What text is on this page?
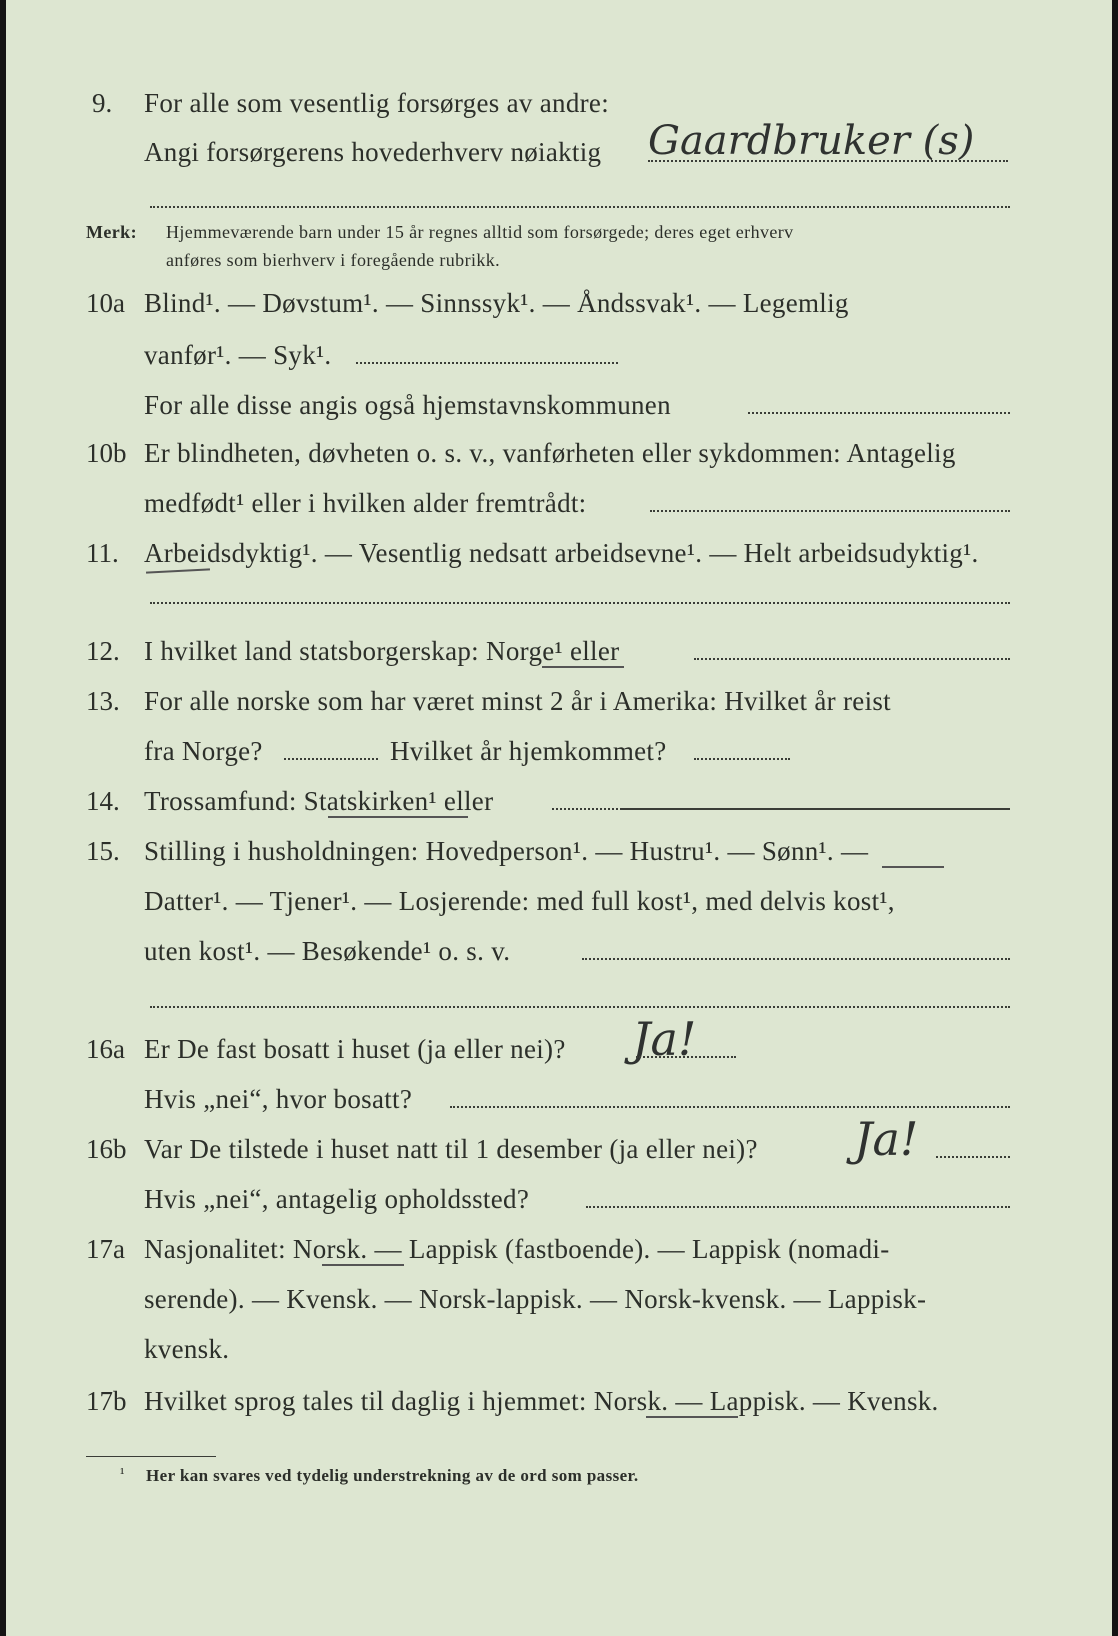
9. For alle som vesentlig forsørges av andre:
Angi forsørgerens hovederhverv nøiaktig Gaardbruker (s)
Merk: Hjemmeværende barn under 15 år regnes alltid som forsørgede; deres eget erhverv
anføres som bierhverv i foregående rubrikk.
10a Blind¹. — Døvstum¹. — Sinnssyk¹. — Åndssvak¹. — Legemlig
vanfør¹. — Syk¹.
For alle disse angis også hjemstavnskommunen
10b Er blindheten, døvheten o. s. v., vanførheten eller sykdommen: Antagelig
medfødt¹ eller i hvilken alder fremtrådt:
11. Arbeidsdyktig¹. — Vesentlig nedsatt arbeidsevne¹. — Helt arbeidsudyktig¹.
12. I hvilket land statsborgerskap: Norge¹ eller
13. For alle norske som har været minst 2 år i Amerika: Hvilket år reist
fra Norge?	Hvilket år hjemkommet?
14. Trossamfund: Statskirken¹ eller
15. Stilling i husholdningen: Hovedperson¹. — Hustru¹. — Sønn¹. —
Datter¹. — Tjener¹. — Losjerende: med full kost¹, med delvis kost¹,
uten kost¹. — Besøkende¹ o. s. v.
16a Er De fast bosatt i huset (ja eller nei)? Ja!
Hvis „nei“, hvor bosatt?
16b Var De tilstede i huset natt til 1 desember (ja eller nei)? Ja!
Hvis „nei“, antagelig opholdssted?
17a Nasjonalitet: Norsk. — Lappisk (fastboende). — Lappisk (nomadi-
serende). — Kvensk. — Norsk-lappisk. — Norsk-kvensk. — Lappisk-
kvensk.
17b Hvilket sprog tales til daglig i hjemmet: Norsk. — Lappisk. — Kvensk.
¹ Her kan svares ved tydelig understrekning av de ord som passer.
